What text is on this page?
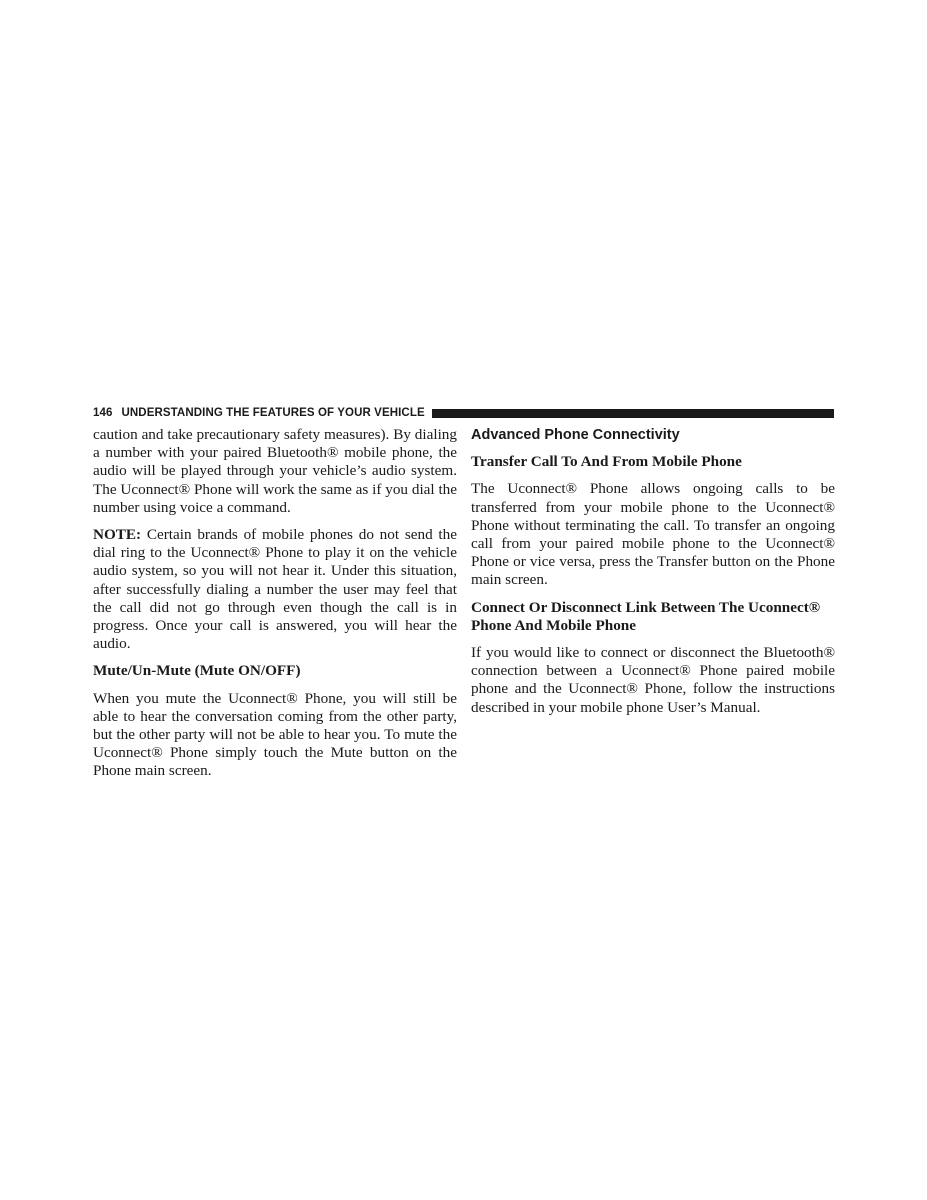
146 UNDERSTANDING THE FEATURES OF YOUR VEHICLE

caution and take precautionary safety measures). By dialing a number with your paired Bluetooth® mobile phone, the audio will be played through your vehicle’s audio system. The Uconnect® Phone will work the same as if you dial the number using voice a command.

NOTE: Certain brands of mobile phones do not send the dial ring to the Uconnect® Phone to play it on the vehicle audio system, so you will not hear it. Under this situation, after successfully dialing a number the user may feel that the call did not go through even though the call is in progress. Once your call is answered, you will hear the audio.

Mute/Un-Mute (Mute ON/OFF)

When you mute the Uconnect® Phone, you will still be able to hear the conversation coming from the other party, but the other party will not be able to hear you. To mute the Uconnect® Phone simply touch the Mute button on the Phone main screen.

Advanced Phone Connectivity
Transfer Call To And From Mobile Phone

The Uconnect® Phone allows ongoing calls to be transferred from your mobile phone to the Uconnect® Phone without terminating the call. To transfer an ongoing call from your paired mobile phone to the Uconnect® Phone or vice versa, press the Transfer button on the Phone main screen.

Connect Or Disconnect Link Between The Uconnect® Phone And Mobile Phone

If you would like to connect or disconnect the Bluetooth® connection between a Uconnect® Phone paired mobile phone and the Uconnect® Phone, follow the instructions described in your mobile phone User’s Manual.
